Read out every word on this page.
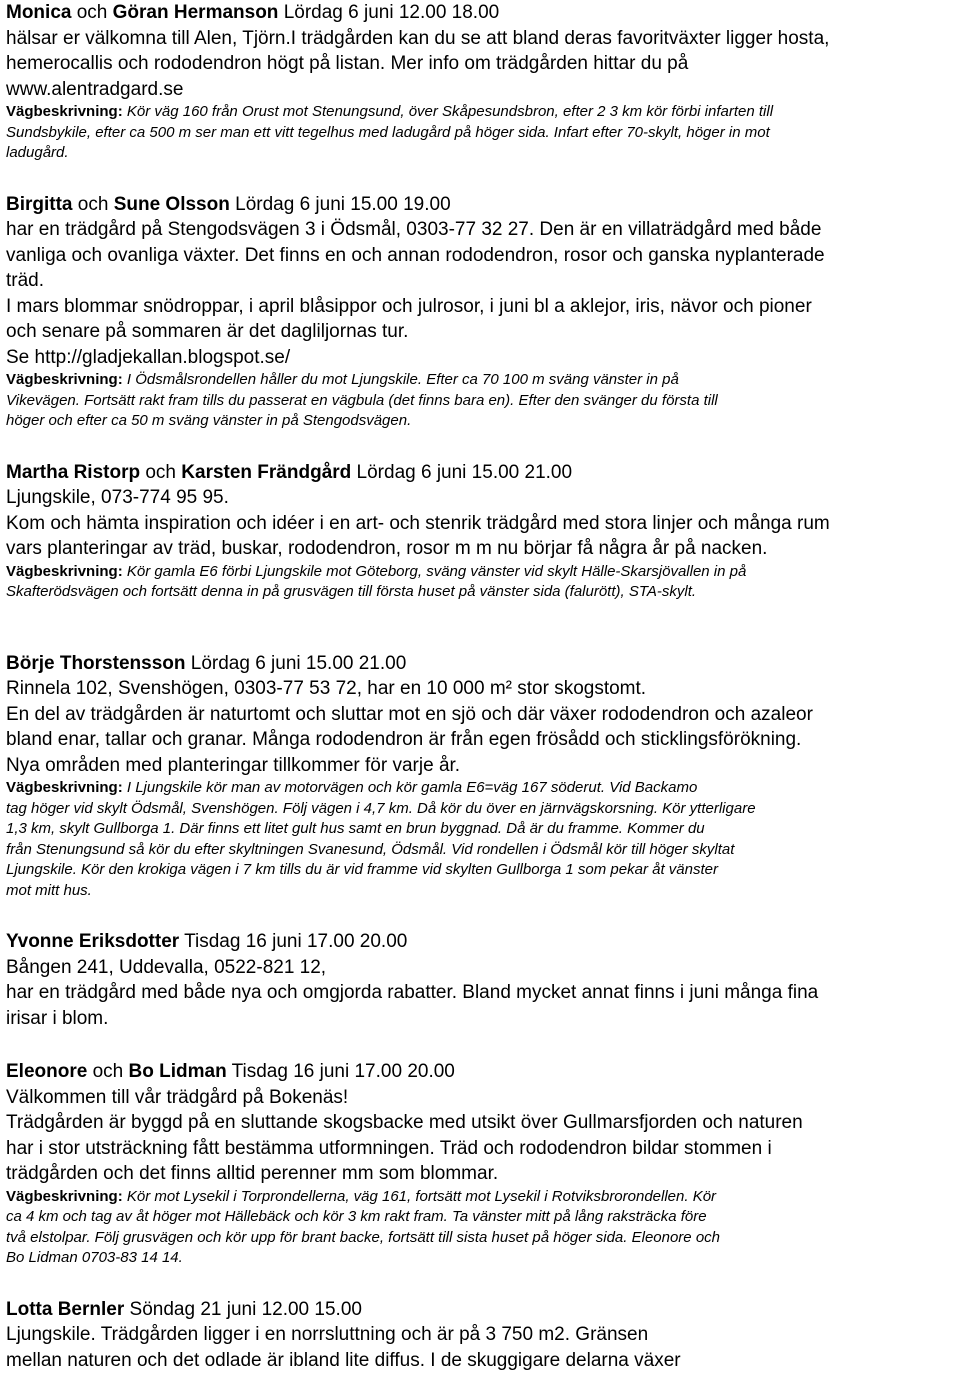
Monica och Göran Hermanson Lördag 6 juni 12.00 18.00
hälsar er välkomna till Alen, Tjörn.I trädgården kan du se att bland deras favoritväxter ligger hosta,
hemerocallis och rododendron högt på listan. Mer info om trädgården hittar du på
www.alentradgard.se
Vägbeskrivning: Kör väg 160 från Orust mot Stenungsund, över Skåpesundsbron, efter 2 3 km kör förbi infarten till
Sundsbykile, efter ca 500 m ser man ett vitt tegelhus med ladugård på höger sida. Infart efter 70-skylt, höger in mot
ladugård.
Birgitta och Sune Olsson Lördag 6 juni 15.00 19.00
har en trädgård på Stengodsvägen 3 i Ödsmål, 0303-77 32 27. Den är en villaträdgård med både
vanliga och ovanliga växter. Det finns en och annan rododendron, rosor och ganska nyplanterade
träd.
I mars blommar snödroppar, i april blåsippor och julrosor, i juni bl a aklejor, iris, nävor och pioner
och senare på sommaren är det dagliljornas tur.
Se http://gladjekallan.blogspot.se/
Vägbeskrivning: I Ödsmålsrondellen håller du mot Ljungskile. Efter ca 70 100 m sväng vänster in på
Vikevägen. Fortsätt rakt fram tills du passerat en vägbula (det finns bara en). Efter den svänger du första till
höger och efter ca 50 m sväng vänster in på Stengodsvägen.
Martha Ristorp och Karsten Frändgård Lördag 6 juni 15.00 21.00
Ljungskile, 073-774 95 95.
Kom och hämta inspiration och idéer i en art- och stenrik trädgård med stora linjer och många rum
vars planteringar av träd, buskar, rododendron, rosor m m nu börjar få några år på nacken.
Vägbeskrivning: Kör gamla E6 förbi Ljungskile mot Göteborg, sväng vänster vid skylt Hälle-Skarsjövallen in på
Skafterödsvägen och fortsätt denna in på grusvägen till första huset på vänster sida (falurött), STA-skylt.
Börje Thorstensson Lördag 6 juni 15.00 21.00
Rinnela 102, Svenshögen, 0303-77 53 72, har en 10 000 m² stor skogstomt.
En del av trädgården är naturtomt och sluttar mot en sjö och där växer rododendron och azaleor
bland enar, tallar och granar. Många rododendron är från egen frösådd och sticklingsförökning.
Nya områden med planteringar tillkommer för varje år.
Vägbeskrivning: I Ljungskile kör man av motorvägen och kör gamla E6=väg 167 söderut. Vid Backamo
tag höger vid skylt Ödsmål, Svenshögen. Följ vägen i 4,7 km. Då kör du över en järnvägskorsning. Kör ytterligare
1,3 km, skylt Gullborga 1. Där finns ett litet gult hus samt en brun byggnad. Då är du framme. Kommer du
från Stenungsund så kör du efter skyltningen Svanesund, Ödsmål. Vid rondellen i Ödsmål kör till höger skyltat
Ljungskile. Kör den krokiga vägen i 7 km tills du är vid framme vid skylten Gullborga 1 som pekar åt vänster
mot mitt hus.
Yvonne Eriksdotter Tisdag 16 juni 17.00 20.00
Bången 241, Uddevalla, 0522-821 12,
har en trädgård med både nya och omgjorda rabatter. Bland mycket annat finns i juni många fina
irisar i blom.
Eleonore och Bo Lidman Tisdag 16 juni 17.00 20.00
Välkommen till vår trädgård på Bokenäs!
Trädgården är byggd på en sluttande skogsbacke med utsikt över Gullmarsfjorden och naturen
har i stor utsträckning fått bestämma utformningen. Träd och rododendron bildar stommen i
trädgården och det finns alltid perenner mm som blommar.
Vägbeskrivning: Kör mot Lysekil i Torprondellerna, väg 161, fortsätt mot Lysekil i Rotviksbrorondellen. Kör
ca 4 km och tag av åt höger mot Hällebäck och kör 3 km rakt fram. Ta vänster mitt på lång raksträcka före
två elstolpar. Följ grusvägen och kör upp för brant backe, fortsätt till sista huset på höger sida. Eleonore och
Bo Lidman 0703-83 14 14.
Lotta Bernler Söndag 21 juni 12.00 15.00
Ljungskile. Trädgården ligger i en norrsluttning och är på 3 750 m2. Gränsen
mellan naturen och det odlade är ibland lite diffus. I de skuggigare delarna växer
